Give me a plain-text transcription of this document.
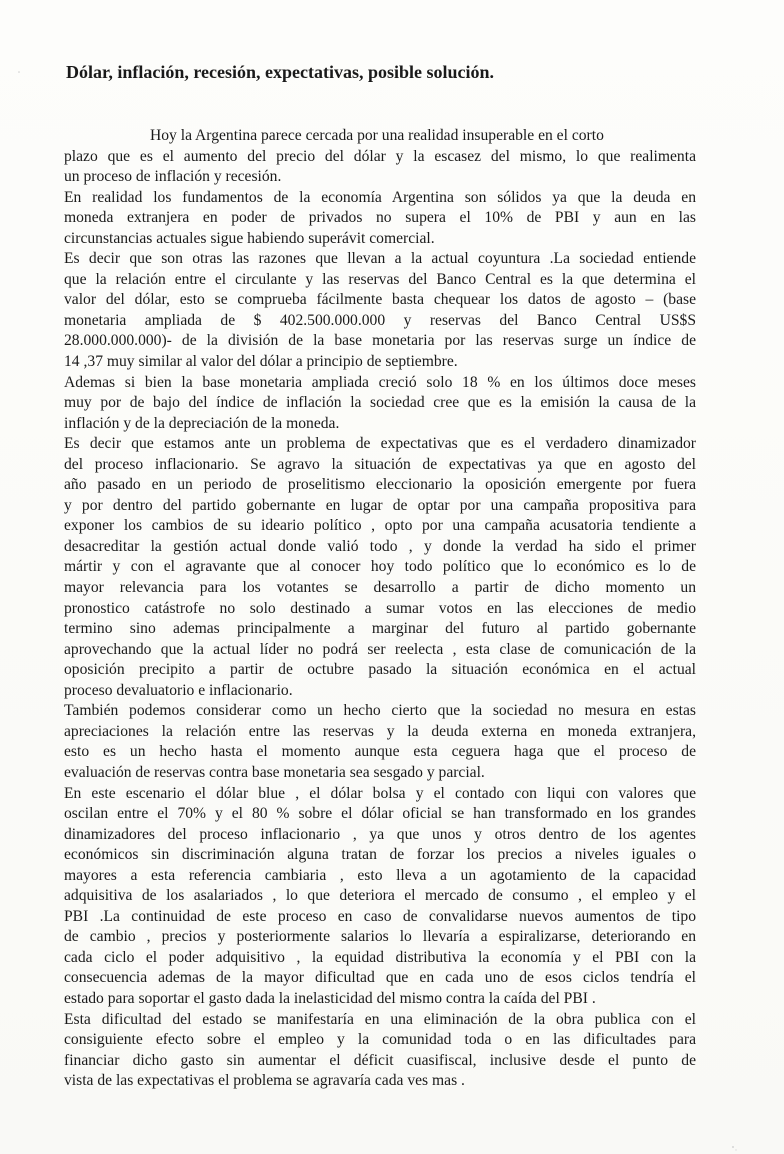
Dólar, inflación, recesión, expectativas, posible solución.
Hoy la Argentina parece cercada por una realidad insuperable en el corto
plazo que es el aumento del precio del dólar y la escasez del mismo, lo que realimenta
un proceso de inflación y recesión.
En realidad los fundamentos de la economía Argentina son sólidos ya que la deuda en
moneda extranjera en poder de privados no supera el 10% de PBI y aun en las
circunstancias actuales sigue habiendo superávit comercial.
Es decir que son otras las razones que llevan a la actual coyuntura .La sociedad entiende
que la relación entre el circulante y las reservas del Banco Central es la que determina el
valor del dólar, esto se comprueba fácilmente basta chequear los datos de agosto – (base
monetaria ampliada de $ 402.500.000.000 y reservas del Banco Central US$S
28.000.000.000)- de la división de la base monetaria por las reservas surge un índice de
14 ,37 muy similar al valor del dólar a principio de septiembre.
Ademas si bien la base monetaria ampliada creció solo 18 % en los últimos doce meses
muy por de bajo del índice de inflación la sociedad cree que es la emisión la causa de la
inflación y de la depreciación de la moneda.
Es decir que estamos ante un problema de expectativas que es el verdadero dinamizador
del proceso inflacionario. Se agravo la situación de expectativas ya que en agosto del
año pasado en un periodo de proselitismo eleccionario la oposición emergente por fuera
y por dentro del partido gobernante en lugar de optar por una campaña propositiva para
exponer los cambios de su ideario político , opto por una campaña acusatoria tendiente a
desacreditar la gestión actual donde valió todo , y donde la verdad ha sido el primer
mártir y con el agravante que al conocer hoy todo político que lo económico es lo de
mayor relevancia para los votantes se desarrollo a partir de dicho momento un
pronostico catástrofe no solo destinado a sumar votos en las elecciones de medio
termino sino ademas principalmente a marginar del futuro al partido gobernante
aprovechando que la actual líder no podrá ser reelecta , esta clase de comunicación de la
oposición precipito a partir de octubre pasado la situación económica en el actual
proceso devaluatorio e inflacionario.
También podemos considerar como un hecho cierto que la sociedad no mesura en estas
apreciaciones la relación entre las reservas y la deuda externa en moneda extranjera,
esto es un hecho hasta el momento aunque esta ceguera haga que el proceso de
evaluación de reservas contra base monetaria sea sesgado y parcial.
En este escenario el dólar blue , el dólar bolsa y el contado con liqui con valores que
oscilan entre el 70% y el 80 % sobre el dólar oficial se han transformado en los grandes
dinamizadores del proceso inflacionario , ya que unos y otros dentro de los agentes
económicos sin discriminación alguna tratan de forzar los precios a niveles iguales o
mayores a esta referencia cambiaria , esto lleva a un agotamiento de la capacidad
adquisitiva de los asalariados , lo que deteriora el mercado de consumo , el empleo y el
PBI .La continuidad de este proceso en caso de convalidarse nuevos aumentos de tipo
de cambio , precios y posteriormente salarios lo llevaría a espiralizarse, deteriorando en
cada ciclo el poder adquisitivo , la equidad distributiva la economía y el PBI con la
consecuencia ademas de la mayor dificultad que en cada uno de esos ciclos tendría el
estado para soportar el gasto dada la inelasticidad del mismo contra la caída del PBI .
Esta dificultad del estado se manifestaría en una eliminación de la obra publica con el
consiguiente efecto sobre el empleo y la comunidad toda o en las dificultades para
financiar dicho gasto sin aumentar el déficit cuasifiscal, inclusive desde el punto de
vista de las expectativas el problema se agravaría cada ves mas .
